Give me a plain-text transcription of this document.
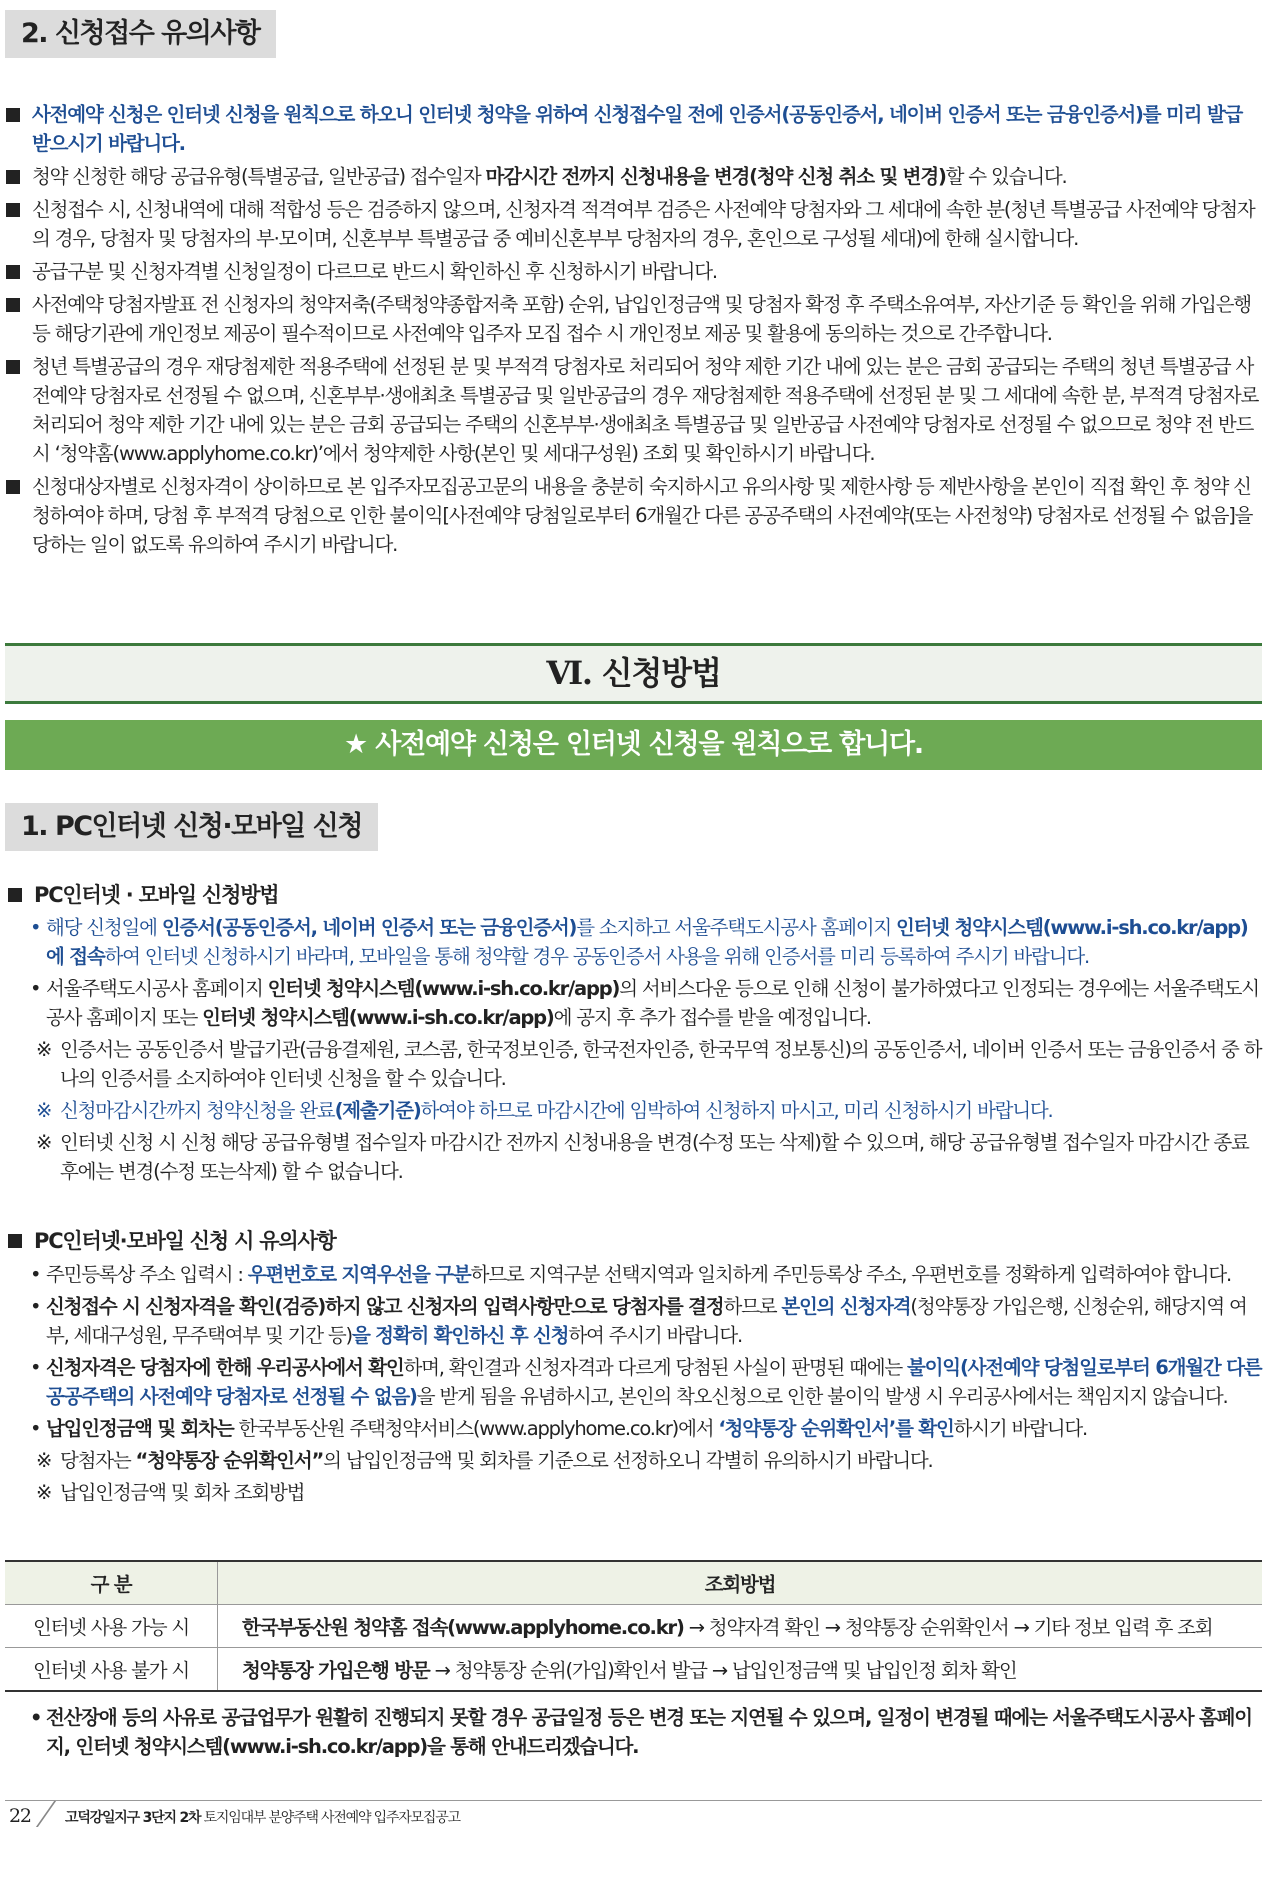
2. 신청접수 유의사항
사전예약 신청은 인터넷 신청을 원칙으로 하오니 인터넷 청약을 위하여 신청접수일 전에 인증서(공동인증서, 네이버 인증서 또는 금융인증서)를 미리 발급 받으시기 바랍니다.
청약 신청한 해당 공급유형(특별공급, 일반공급) 접수일자 마감시간 전까지 신청내용을 변경(청약 신청 취소 및 변경)할 수 있습니다.
신청접수 시, 신청내역에 대해 적합성 등은 검증하지 않으며, 신청자격 적격여부 검증은 사전예약 당첨자와 그 세대에 속한 분(청년 특별공급 사전예약 당첨자의 경우, 당첨자 및 당첨자의 부·모이며, 신혼부부 특별공급 중 예비신혼부부 당첨자의 경우, 혼인으로 구성될 세대)에 한해 실시합니다.
공급구분 및 신청자격별 신청일정이 다르므로 반드시 확인하신 후 신청하시기 바랍니다.
사전예약 당첨자발표 전 신청자의 청약저축(주택청약종합저축 포함) 순위, 납입인정금액 및 당첨자 확정 후 주택소유여부, 자산기준 등 확인을 위해 가입은행 등 해당기관에 개인정보 제공이 필수적이므로 사전예약 입주자 모집 접수 시 개인정보 제공 및 활용에 동의하는 것으로 간주합니다.
청년 특별공급의 경우 재당첨제한 적용주택에 선정된 분 및 부적격 당첨자로 처리되어 청약 제한 기간 내에 있는 분은 금회 공급되는 주택의 청년 특별공급 사전예약 당첨자로 선정될 수 없으며, 신혼부부·생애최초 특별공급 및 일반공급의 경우 재당첨제한 적용주택에 선정된 분 및 그 세대에 속한 분, 부적격 당첨자로 처리되어 청약 제한 기간 내에 있는 분은 금회 공급되는 주택의 신혼부부·생애최초 특별공급 및 일반공급 사전예약 당첨자로 선정될 수 없으므로 청약 전 반드시 ‘청약홈(www.applyhome.co.kr)’에서 청약제한 사항(본인 및 세대구성원) 조회 및 확인하시기 바랍니다.
신청대상자별로 신청자격이 상이하므로 본 입주자모집공고문의 내용을 충분히 숙지하시고 유의사항 및 제한사항 등 제반사항을 본인이 직접 확인 후 청약 신청하여야 하며, 당첨 후 부적격 당첨으로 인한 불이익[사전예약 당첨일로부터 6개월간 다른 공공주택의 사전예약(또는 사전청약) 당첨자로 선정될 수 없음]을 당하는 일이 없도록 유의하여 주시기 바랍니다.
Ⅵ. 신청방법
★ 사전예약 신청은 인터넷 신청을 원칙으로 합니다.
1. PC인터넷 신청·모바일 신청
PC인터넷 · 모바일 신청방법
• 해당 신청일에 인증서(공동인증서, 네이버 인증서 또는 금융인증서)를 소지하고 서울주택도시공사 홈페이지 인터넷 청약시스템(www.i-sh.co.kr/app)에 접속하여 인터넷 신청하시기 바라며, 모바일을 통해 청약할 경우 공동인증서 사용을 위해 인증서를 미리 등록하여 주시기 바랍니다.
• 서울주택도시공사 홈페이지 인터넷 청약시스템(www.i-sh.co.kr/app)의 서비스다운 등으로 인해 신청이 불가하였다고 인정되는 경우에는 서울주택도시공사 홈페이지 또는 인터넷 청약시스템(www.i-sh.co.kr/app)에 공지 후 추가 접수를 받을 예정입니다.
※ 인증서는 공동인증서 발급기관(금융결제원, 코스콤, 한국정보인증, 한국전자인증, 한국무역 정보통신)의 공동인증서, 네이버 인증서 또는 금융인증서 중 하나의 인증서를 소지하여야 인터넷 신청을 할 수 있습니다.
※ 신청마감시간까지 청약신청을 완료(제출기준)하여야 하므로 마감시간에 임박하여 신청하지 마시고, 미리 신청하시기 바랍니다.
※ 인터넷 신청 시 신청 해당 공급유형별 접수일자 마감시간 전까지 신청내용을 변경(수정 또는 삭제)할 수 있으며, 해당 공급유형별 접수일자 마감시간 종료 후에는 변경(수정 또는삭제) 할 수 없습니다.
PC인터넷·모바일 신청 시 유의사항
• 주민등록상 주소 입력시 : 우편번호로 지역우선을 구분하므로 지역구분 선택지역과 일치하게 주민등록상 주소, 우편번호를 정확하게 입력하여야 합니다.
• 신청접수 시 신청자격을 확인(검증)하지 않고 신청자의 입력사항만으로 당첨자를 결정하므로 본인의 신청자격(청약통장 가입은행, 신청순위, 해당지역 여부, 세대구성원, 무주택여부 및 기간 등)을 정확히 확인하신 후 신청하여 주시기 바랍니다.
• 신청자격은 당첨자에 한해 우리공사에서 확인하며, 확인결과 신청자격과 다르게 당첨된 사실이 판명된 때에는 불이익(사전예약 당첨일로부터 6개월간 다른 공공주택의 사전예약 당첨자로 선정될 수 없음)을 받게 됨을 유념하시고, 본인의 착오신청으로 인한 불이익 발생 시 우리공사에서는 책임지지 않습니다.
• 납입인정금액 및 회차는 한국부동산원 주택청약서비스(www.applyhome.co.kr)에서 ‘청약통장 순위확인서’를 확인하시기 바랍니다.
※ 당첨자는 “청약통장 순위확인서”의 납입인정금액 및 회차를 기준으로 선정하오니 각별히 유의하시기 바랍니다.
※ 납입인정금액 및 회차 조회방법
구 분	조회방법
인터넷 사용 가능 시	한국부동산원 청약홈 접속(www.applyhome.co.kr) → 청약자격 확인 → 청약통장 순위확인서 → 기타 정보 입력 후 조회
인터넷 사용 불가 시	청약통장 가입은행 방문 → 청약통장 순위(가입)확인서 발급 → 납입인정금액 및 납입인정 회차 확인
• 전산장애 등의 사유로 공급업무가 원활히 진행되지 못할 경우 공급일정 등은 변경 또는 지연될 수 있으며, 일정이 변경될 때에는 서울주택도시공사 홈페이지, 인터넷 청약시스템(www.i-sh.co.kr/app)을 통해 안내드리겠습니다.
22 고덕강일지구 3단지 2차 토지임대부 분양주택 사전예약 입주자모집공고
